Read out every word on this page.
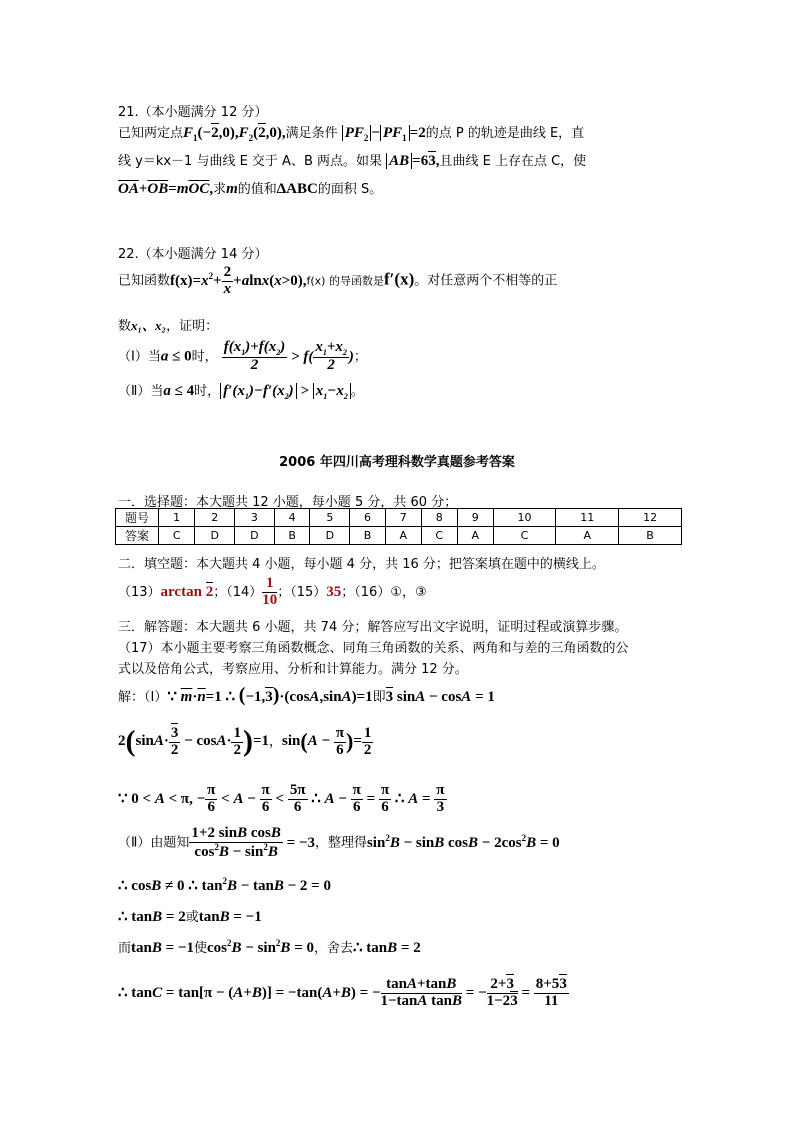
21.（本小题满分 12 分）
已知两定点$F_1(-2,0),F_2(2,0)$,满足条件 $PF_2 - PF_1 =2$的点 P 的轨迹是曲线 E，直
线 y＝kx－1 与曲线 E 交于 A、B 两点。如果 AB =63,且曲线 E 上存在点 C，使
$\overline{OA}+\overline{OB}=m\overline{OC}$,求m的值和ΔABC的面积 S。
22.（本小题满分 14 分）
已知函数$f(x)=x^2+ \frac{2}{x} +alnx(x>0),f(x)$ 的导函数是f′(x)。对任意两个不相等的正
数x₁、x₂，证明：
（Ⅰ）当a ≤ 0时， $\frac{f(x_1)+f(x_2)}{2} > f( \frac{x_1+x_2}{2}$ )；
（Ⅱ）当a ≤ 4时， $f'(x_1)-f'(x_2) > x_1-x_2$ 。
2006 年四川高考理科数学真题参考答案
一．选择题：本大题共 12 小题，每小题 5 分，共 60 分；
题号	1	2	3	4	5	6	7	8	9	10	11	12
答案	C	D	D	B	D	B	A	C	A	C	A	B
二．填空题：本大题共 4 小题，每小题 4 分，共 16 分；把答案填在题中的横线上。
（13）arctan 2；$(14) \frac{1}{10}$ ；（15）35；（16）①，③
三．解答题：本大题共 6 小题，共 74 分；解答应写出文字说明，证明过程或演算步骤。
（17）本小题主要考察三角函数概念、同角三角函数的关系、两角和与差的三角函数的公
式以及倍角公式，考察应用、分析和计算能力。满分 12 分。
解：（Ⅰ）∵ $\overline{m}\cdot\overline{n}=1$ ∴ (−1,3)·(cosA,sinA)=1即3 sinA − cosA = 1
$2(\sin A\cdot \frac{3}{2} - \cos A\cdot \frac{1}{2} )=1$，$\sin(A - \frac{\pi}{6}$ )= $\frac{1}{2}$
∵ 0 < A < π, − $\frac{\pi}{6} < A - \frac{\pi}{6} < \frac{5\pi}{6}$ ∴ $A - \frac{\pi}{6} = \frac{\pi}{6}$ ∴ $A = \frac{\pi}{3}$
（Ⅱ）由题知 $\frac{\text{1+2 sinB cosB}}{\cos^2B - \sin^2B} = -3$，整理得$\sin^2B - \sin B$ $\cos B - 2\cos^2B = 0$
∴ cosB ≠ 0 ∴ $\tan^2B - \tan B - 2 = 0$
∴ tanB = 2或tanB = −1
而tanB = −1使$\cos^2B - \sin^2B = 0$，舍去∴ tanB = 2
∴ tanC = tan[π − (A+B)] = −tan(A+B) = − $\frac{\tan A+\tan B}{\text{1−tanA tanB}}$ = − $\frac{2+3}{1-23} = \frac{8+53}{11}$
